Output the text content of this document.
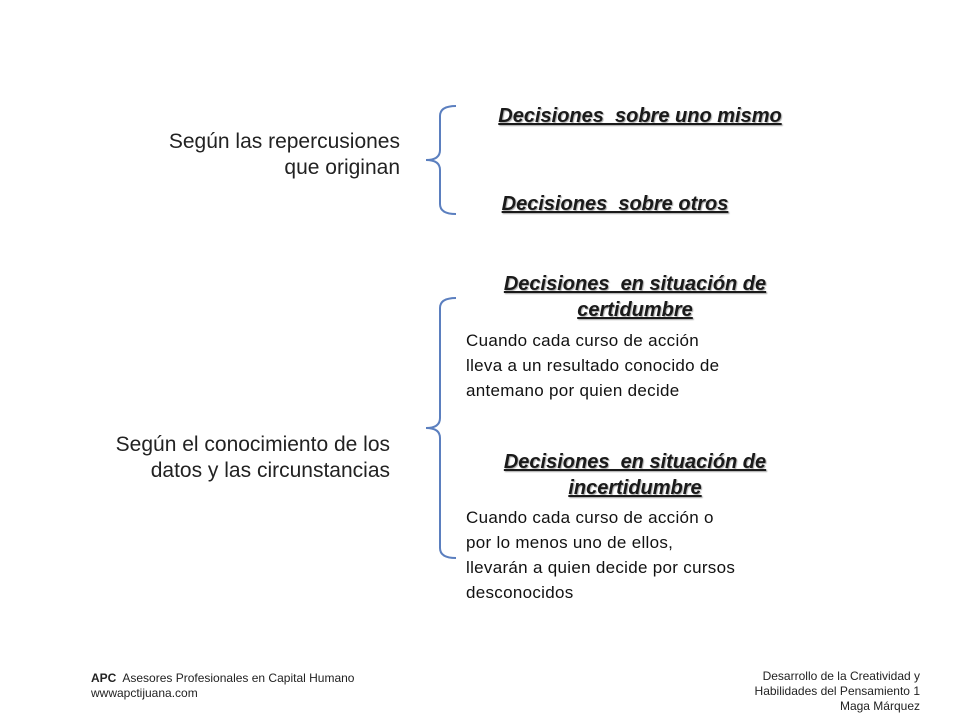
Según las repercusiones
que originan
Decisiones  sobre uno mismo
Decisiones  sobre otros
Según el conocimiento de los
datos y las circunstancias
Decisiones  en situación de
certidumbre
Cuando cada curso de acción
lleva a un resultado conocido de
antemano por quien decide
Decisiones  en situación de
incertidumbre
Cuando cada curso de acción o
por lo menos uno de ellos,
llevarán a quien decide por cursos
desconocidos
APC  Asesores Profesionales en Capital Humano
wwwapctijuana.com
Desarrollo de la Creatividad y
Habilidades del Pensamiento 1
Maga Márquez
